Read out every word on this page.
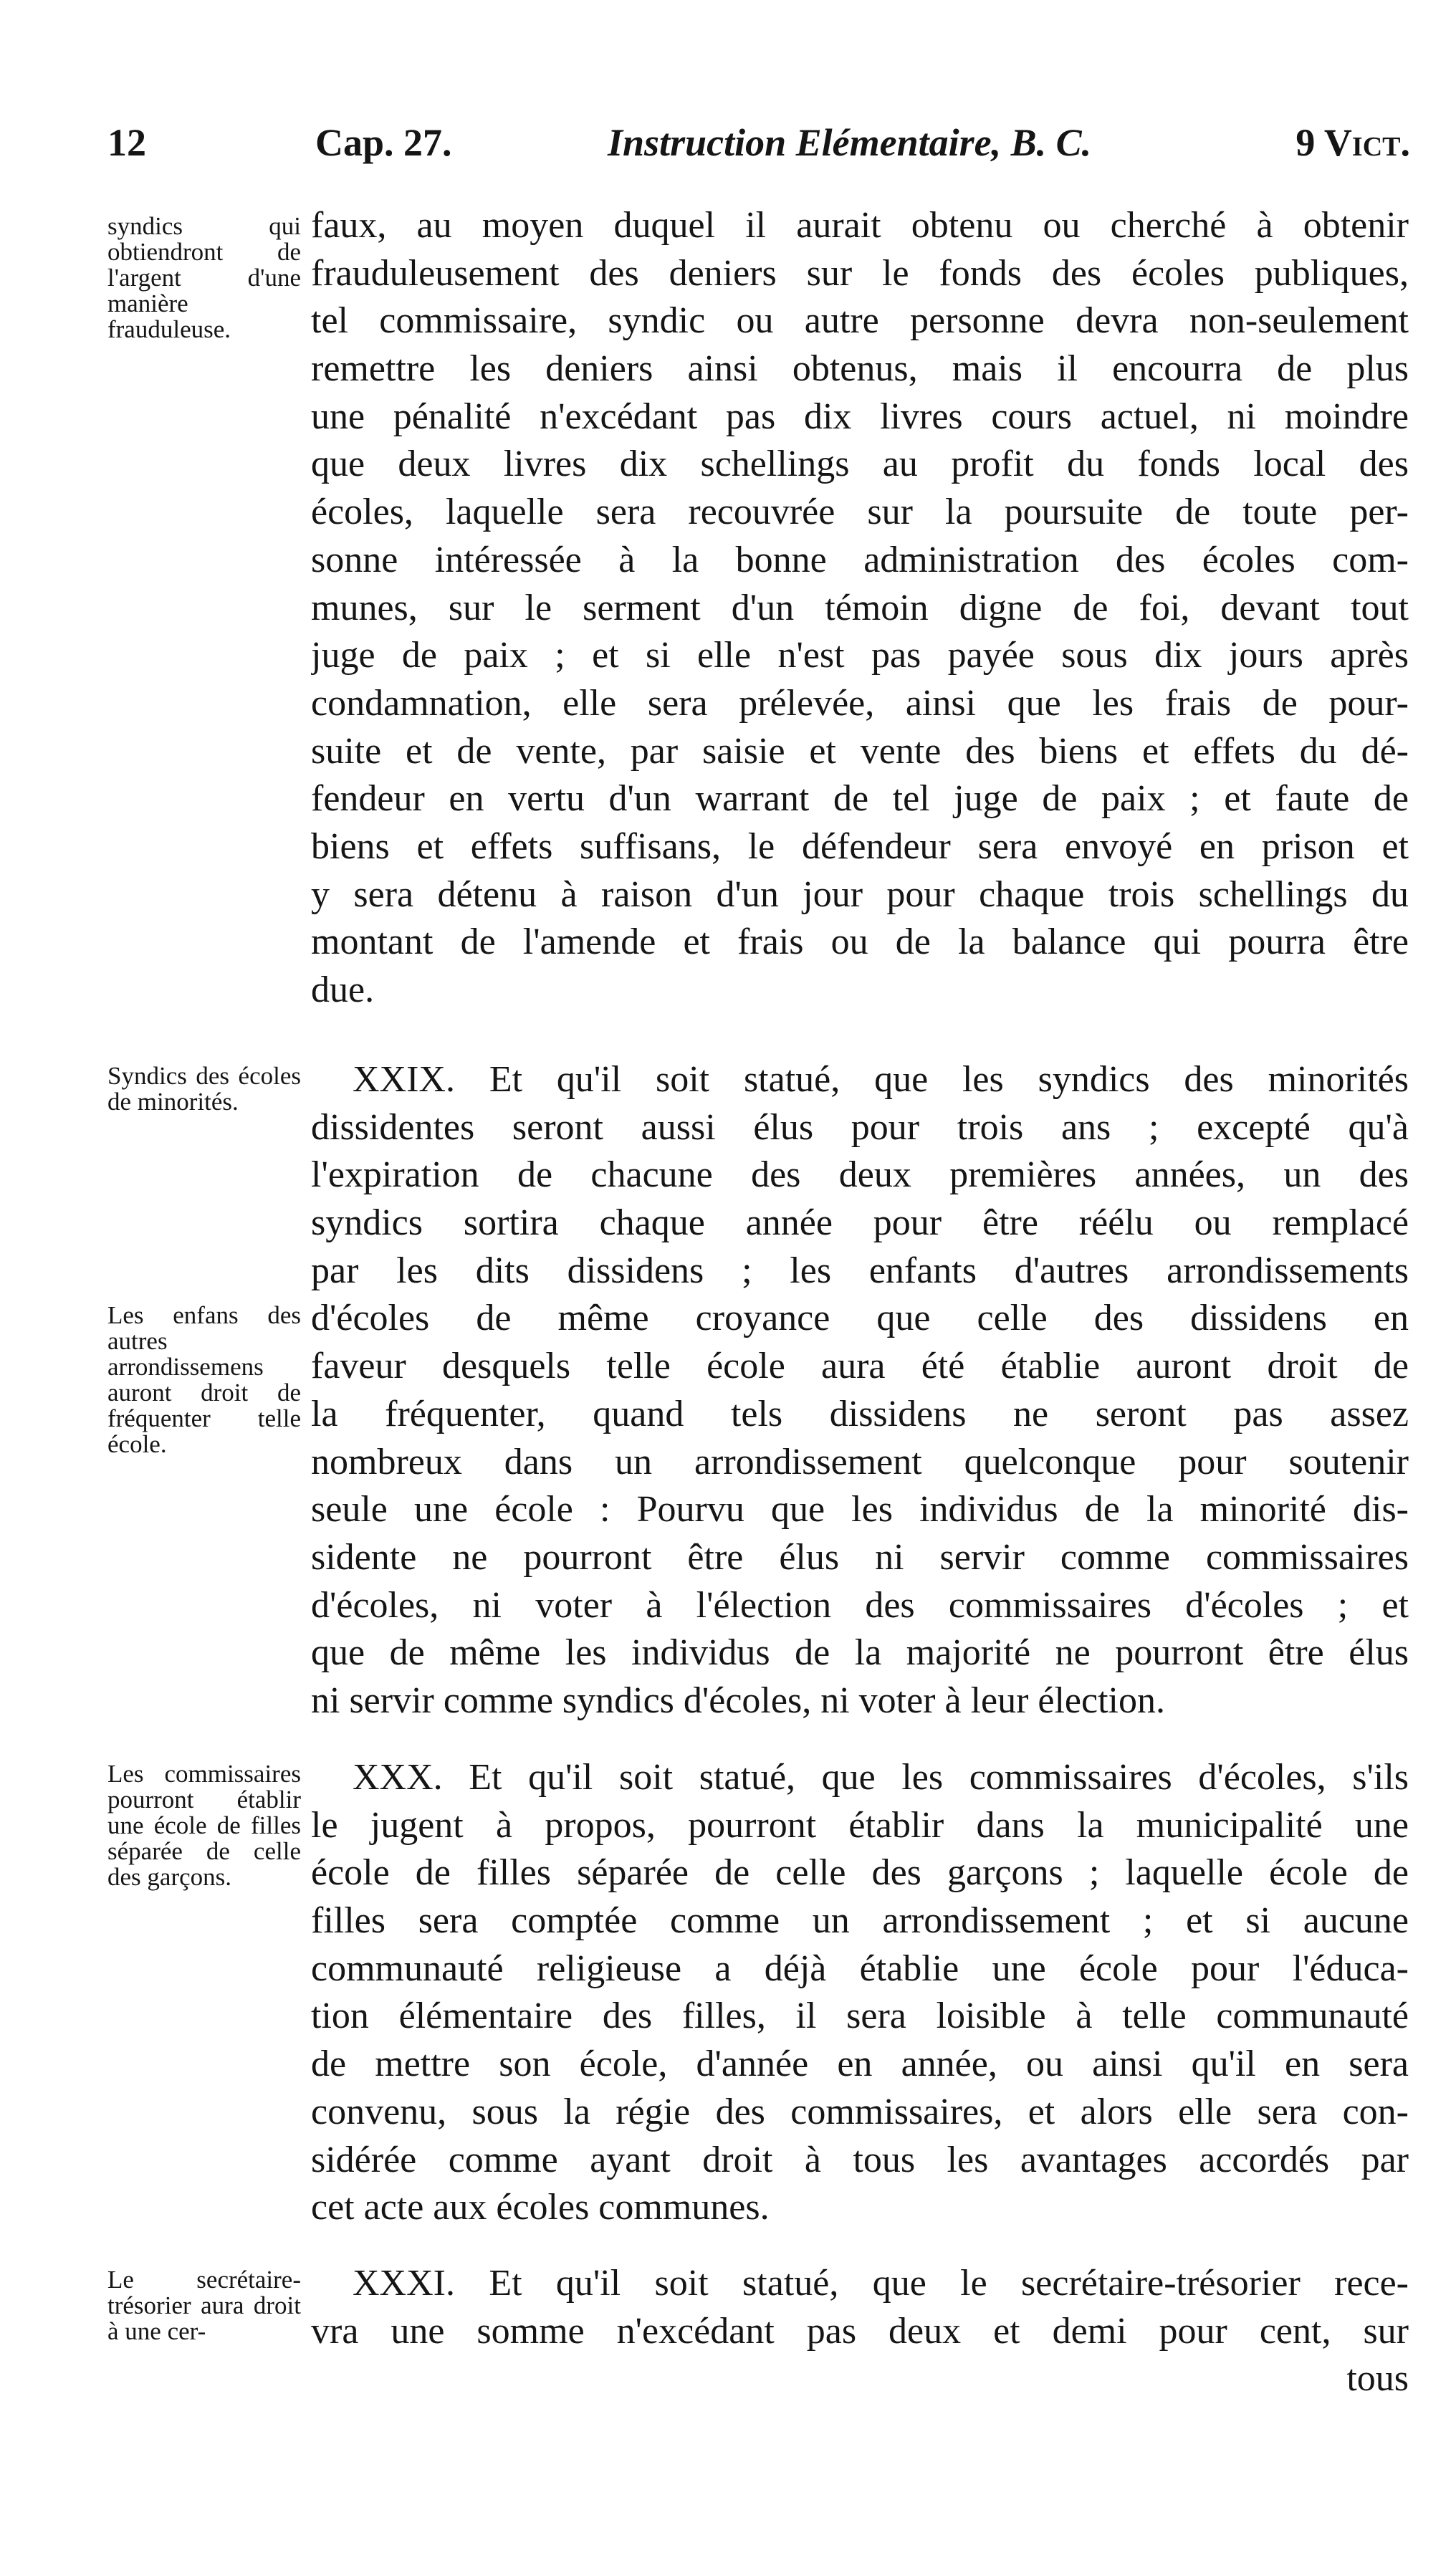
12	Cap. 27.	Instruction Elémentaire, B. C.	9 Vict.
syndics qui obtiendront de l'argent d'une manière frauduleuse.
faux, au moyen duquel il aurait obtenu ou cherché à obtenir
frauduleusement des deniers sur le fonds des écoles publiques,
tel commissaire, syndic ou autre personne devra non-seulement
remettre les deniers ainsi obtenus, mais il encourra de plus
une pénalité n'excédant pas dix livres cours actuel, ni moindre
que deux livres dix schellings au profit du fonds local des
écoles, laquelle sera recouvrée sur la poursuite de toute per-
sonne intéressée à la bonne administration des écoles com-
munes, sur le serment d'un témoin digne de foi, devant tout
juge de paix ; et si elle n'est pas payée sous dix jours après
condamnation, elle sera prélevée, ainsi que les frais de pour-
suite et de vente, par saisie et vente des biens et effets du dé-
fendeur en vertu d'un warrant de tel juge de paix ; et faute de
biens et effets suffisans, le défendeur sera envoyé en prison et
y sera détenu à raison d'un jour pour chaque trois schellings du
montant de l'amende et frais ou de la balance qui pourra être
due.
Syndics des écoles de minorités.
Les enfans des autres arrondissemens auront droit de fréquenter telle école.
XXIX. Et qu'il soit statué, que les syndics des minorités
dissidentes seront aussi élus pour trois ans ; excepté qu'à
l'expiration de chacune des deux premières années, un des
syndics sortira chaque année pour être réélu ou remplacé
par les dits dissidens ; les enfants d'autres arrondissements
d'écoles de même croyance que celle des dissidens en
faveur desquels telle école aura été établie auront droit de
la fréquenter, quand tels dissidens ne seront pas assez
nombreux dans un arrondissement quelconque pour soutenir
seule une école : Pourvu que les individus de la minorité dis-
sidente ne pourront être élus ni servir comme commissaires
d'écoles, ni voter à l'élection des commissaires d'écoles ; et
que de même les individus de la majorité ne pourront être élus
ni servir comme syndics d'écoles, ni voter à leur élection.
Les commissaires pourront établir une école de filles séparée de celle des garçons.
XXX. Et qu'il soit statué, que les commissaires d'écoles, s'ils
le jugent à propos, pourront établir dans la municipalité une
école de filles séparée de celle des garçons ; laquelle école de
filles sera comptée comme un arrondissement ; et si aucune
communauté religieuse a déjà établie une école pour l'éduca-
tion élémentaire des filles, il sera loisible à telle communauté
de mettre son école, d'année en année, ou ainsi qu'il en sera
convenu, sous la régie des commissaires, et alors elle sera con-
sidérée comme ayant droit à tous les avantages accordés par
cet acte aux écoles communes.
Le secrétaire-trésorier aura droit à une cer-
XXXI. Et qu'il soit statué, que le secrétaire-trésorier rece-
vra une somme n'excédant pas deux et demi pour cent, sur
tous
